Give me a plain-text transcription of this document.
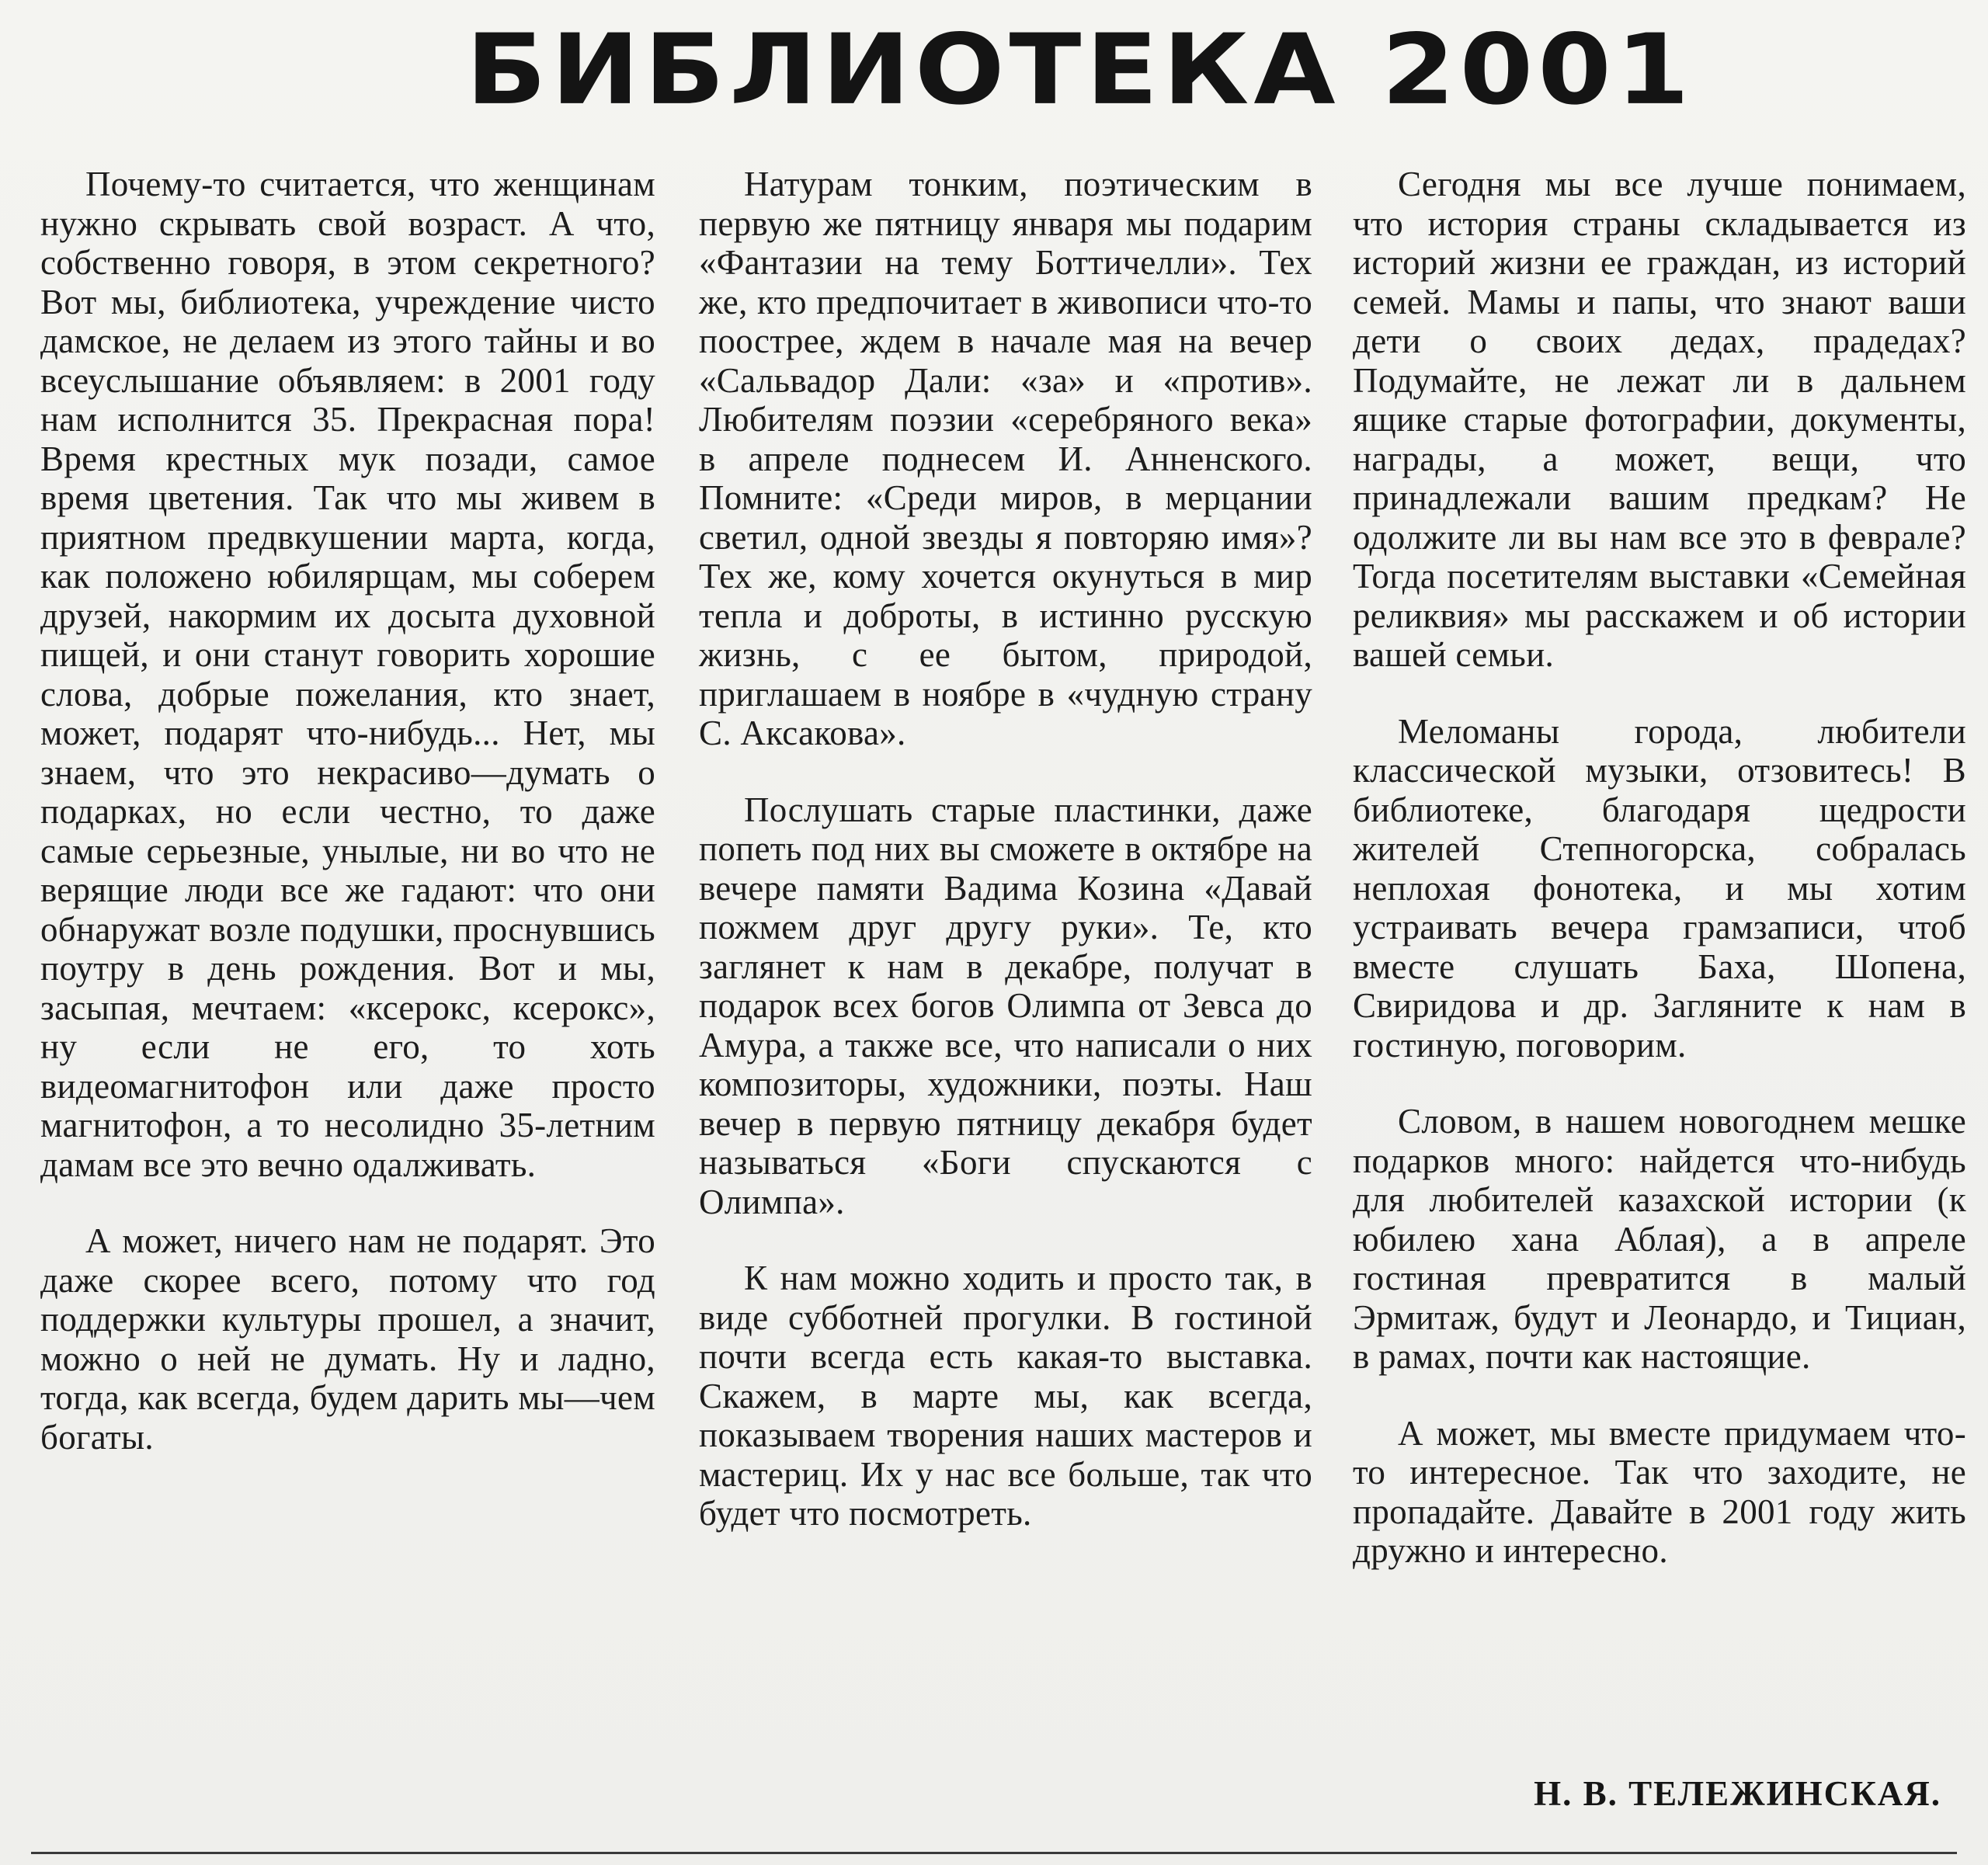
БИБЛИОТЕКА 2001

Почему-то считается, что женщинам нужно скрывать свой возраст. А что, собственно говоря, в этом секретного? Вот мы, библиотека, учреждение чисто дамское, не делаем из этого тайны и во всеуслышание объявляем: в 2001 году нам исполнится 35. Прекрасная пора! Время крестных мук позади, самое время цветения. Так что мы живем в приятном предвкушении марта, когда, как положено юбилярщам, мы соберем друзей, накормим их досыта духовной пищей, и они станут говорить хорошие слова, добрые пожелания, кто знает, может, подарят что-нибудь... Нет, мы знаем, что это некрасиво—думать о подарках, но если честно, то даже самые серьезные, унылые, ни во что не верящие люди все же гадают: что они обнаружат возле подушки, проснувшись поутру в день рождения. Вот и мы, засыпая, мечтаем: «ксерокс, ксерокс», ну если не его, то хоть видеомагнитофон или даже просто магнитофон, а то несолидно 35-летним дамам все это вечно одалживать.

А может, ничего нам не подарят. Это даже скорее всего, потому что год поддержки культуры прошел, а значит, можно о ней не думать. Ну и ладно, тогда, как всегда, будем дарить мы—чем богаты.

Натурам тонким, поэтическим в первую же пятницу января мы подарим «Фантазии на тему Боттичелли». Тех же, кто предпочитает в живописи что-то поострее, ждем в начале мая на вечер «Сальвадор Дали: «за» и «против». Любителям поэзии «серебряного века» в апреле поднесем И. Анненского. Помните: «Среди миров, в мерцании светил, одной звезды я повторяю имя»? Тех же, кому хочется окунуться в мир тепла и доброты, в истинно русскую жизнь, с ее бытом, природой, приглашаем в ноябре в «чудную страну С. Аксакова».

Послушать старые пластинки, даже попеть под них вы сможете в октябре на вечере памяти Вадима Козина «Давай пожмем друг другу руки». Те, кто заглянет к нам в декабре, получат в подарок всех богов Олимпа от Зевса до Амура, а также все, что написали о них композиторы, художники, поэты. Наш вечер в первую пятницу декабря будет называться «Боги спускаются с Олимпа».

К нам можно ходить и просто так, в виде субботней прогулки. В гостиной почти всегда есть какая-то выставка. Скажем, в марте мы, как всегда, показываем творения наших мастеров и мастериц. Их у нас все больше, так что будет что посмотреть.

Сегодня мы все лучше понимаем, что история страны складывается из историй жизни ее граждан, из историй семей. Мамы и папы, что знают ваши дети о своих дедах, прадедах? Подумайте, не лежат ли в дальнем ящике старые фотографии, документы, награды, а может, вещи, что принадлежали вашим предкам? Не одолжите ли вы нам все это в феврале? Тогда посетителям выставки «Семейная реликвия» мы расскажем и об истории вашей семьи.

Меломаны города, любители классической музыки, отзовитесь! В библиотеке, благодаря щедрости жителей Степногорска, собралась неплохая фонотека, и мы хотим устраивать вечера грамзаписи, чтоб вместе слушать Баха, Шопена, Свиридова и др. Загляните к нам в гостиную, поговорим.

Словом, в нашем новогоднем мешке подарков много: найдется что-нибудь для любителей казахской истории (к юбилею хана Аблая), а в апреле гостиная превратится в малый Эрмитаж, будут и Леонардо, и Тициан, в рамах, почти как настоящие.

А может, мы вместе придумаем что-то интересное. Так что заходите, не пропадайте. Давайте в 2001 году жить дружно и интересно.

Н. В. ТЕЛЕЖИНСКАЯ.
